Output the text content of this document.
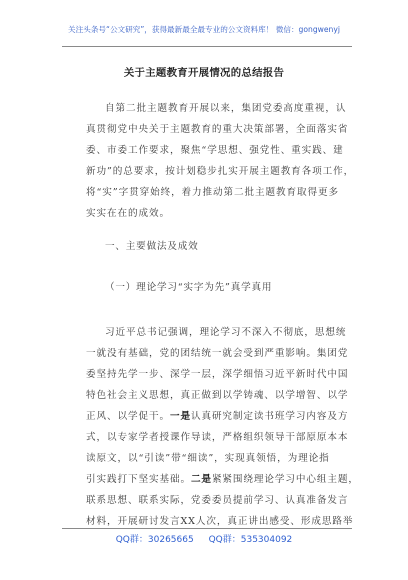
关注头条号“公文研究”，获得最新最全最专业的公文资料库！ 微信：gongwenyj
关于主题教育开展情况的总结报告
自第二批主题教育开展以来，集团党委高度重视，认
真贯彻党中央关于主题教育的重大决策部署，全面落实省
委、市委工作要求，聚焦“学思想、强党性、重实践、建
新功”的总要求，按计划稳步扎实开展主题教育各项工作，
将“实”字贯穿始终，着力推动第二批主题教育取得更多
实实在在的成效。
一、主要做法及成效
（一）理论学习“实字为先”真学真用
习近平总书记强调，理论学习不深入不彻底，思想统
一就没有基础，党的团结统一就会受到严重影响。集团党
委坚持先学一步、深学一层，深学细悟习近平新时代中国
特色社会主义思想，真正做到以学铸魂、以学增智、以学
正风、以学促干。一是认真研究制定读书班学习内容及方
式，以专家学者授课作导读，严格组织领导干部原原本本
读原文，以“引读”带“细读”，实现真领悟，为理论指
引实践打下坚实基础。二是紧紧围绕理论学习中心组主题，
联系思想、联系实际，党委委员提前学习、认真准备发言
材料，开展研讨发言XX人次，真正讲出感受、形成思路举
QQ群：30265665 QQ群：535304092
